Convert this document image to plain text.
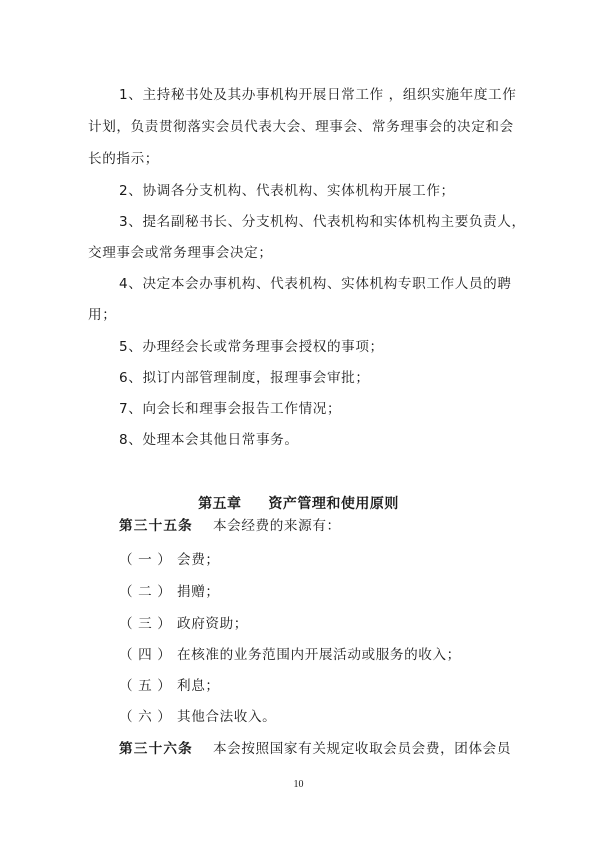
1、主持秘书处及其办事机构开展日常工作 ，组织实施年度工作
计划，负责贯彻落实会员代表大会、理事会、常务理事会的决定和会
长的指示；
2、协调各分支机构、代表机构、实体机构开展工作；
3、提名副秘书长、分支机构、代表机构和实体机构主要负责人，
交理事会或常务理事会决定；
4、决定本会办事机构、代表机构、实体机构专职工作人员的聘
用；
5、办理经会长或常务理事会授权的事项；
6、拟订内部管理制度，报理事会审批；
7、向会长和理事会报告工作情况；
8、处理本会其他日常事务。
第五章     资产管理和使用原则
第三十五条 本会经费的来源有：
（ 一 ） 会费；
（ 二 ） 捐赠；
（ 三 ） 政府资助；
（ 四 ） 在核准的业务范围内开展活动或服务的收入；
（ 五 ） 利息；
（ 六 ） 其他合法收入。
第三十六条 本会按照国家有关规定收取会员会费，团体会员
10
